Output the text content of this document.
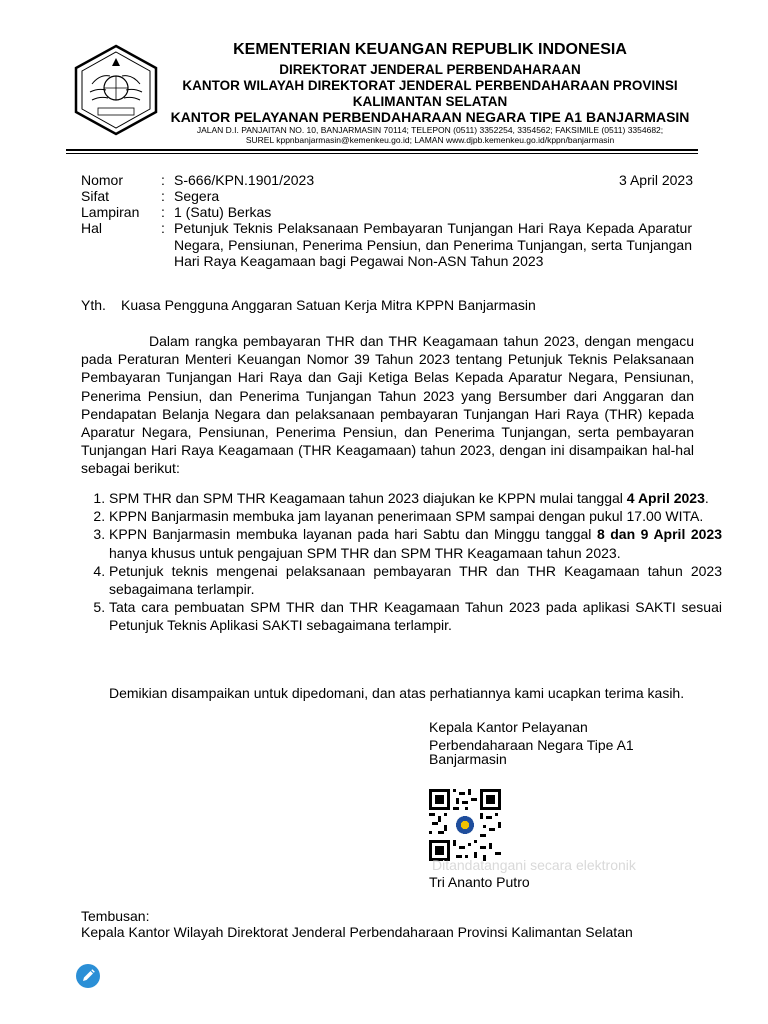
KEMENTERIAN KEUANGAN REPUBLIK INDONESIA
DIREKTORAT JENDERAL PERBENDAHARAAN
KANTOR WILAYAH DIREKTORAT JENDERAL PERBENDAHARAAN PROVINSI
KALIMANTAN SELATAN
KANTOR PELAYANAN PERBENDAHARAAN NEGARA TIPE A1 BANJARMASIN
JALAN D.I. PANJAITAN NO. 10, BANJARMASIN 70114; TELEPON (0511) 3352254, 3354562; FAKSIMILE (0511) 3354682;
SUREL kppnbanjarmasin@kemenkeu.go.id; LAMAN www.djpb.kemenkeu.go.id/kppn/banjarmasin
Nomor	: S-666/KPN.1901/2023	3 April 2023
Sifat	: Segera
Lampiran : 1 (Satu) Berkas
Hal	: Petunjuk Teknis Pelaksanaan Pembayaran Tunjangan Hari Raya Kepada Aparatur Negara, Pensiunan, Penerima Pensiun, dan Penerima Tunjangan, serta Tunjangan Hari Raya Keagamaan bagi Pegawai Non-ASN Tahun 2023
Yth. Kuasa Pengguna Anggaran Satuan Kerja Mitra KPPN Banjarmasin

Dalam rangka pembayaran THR dan THR Keagamaan tahun 2023, dengan mengacu pada Peraturan Menteri Keuangan Nomor 39 Tahun 2023 tentang Petunjuk Teknis Pelaksanaan Pembayaran Tunjangan Hari Raya dan Gaji Ketiga Belas Kepada Aparatur Negara, Pensiunan, Penerima Pensiun, dan Penerima Tunjangan Tahun 2023 yang Bersumber dari Anggaran dan Pendapatan Belanja Negara dan pelaksanaan pembayaran Tunjangan Hari Raya (THR) kepada Aparatur Negara, Pensiunan, Penerima Pensiun, dan Penerima Tunjangan, serta pembayaran Tunjangan Hari Raya Keagamaan (THR Keagamaan) tahun 2023, dengan ini disampaikan hal-hal sebagai berikut:

1. SPM THR dan SPM THR Keagamaan tahun 2023 diajukan ke KPPN mulai tanggal 4 April 2023.
2. KPPN Banjarmasin membuka jam layanan penerimaan SPM sampai dengan pukul 17.00 WITA.
3. KPPN Banjarmasin membuka layanan pada hari Sabtu dan Minggu tanggal 8 dan 9 April 2023 hanya khusus untuk pengajuan SPM THR dan SPM THR Keagamaan tahun 2023.
4. Petunjuk teknis mengenai pelaksanaan pembayaran THR dan THR Keagamaan tahun 2023 sebagaimana terlampir.
5. Tata cara pembuatan SPM THR dan THR Keagamaan Tahun 2023 pada aplikasi SAKTI sesuai Petunjuk Teknis Aplikasi SAKTI sebagaimana terlampir.
Demikian disampaikan untuk dipedomani, dan atas perhatiannya kami ucapkan terima kasih.
Kepala Kantor Pelayanan
Perbendaharaan Negara Tipe A1
Banjarmasin
Ditandatangani secara elektronik
Tri Ananto Putro
Tembusan:
Kepala Kantor Wilayah Direktorat Jenderal Perbendaharaan Provinsi Kalimantan Selatan
